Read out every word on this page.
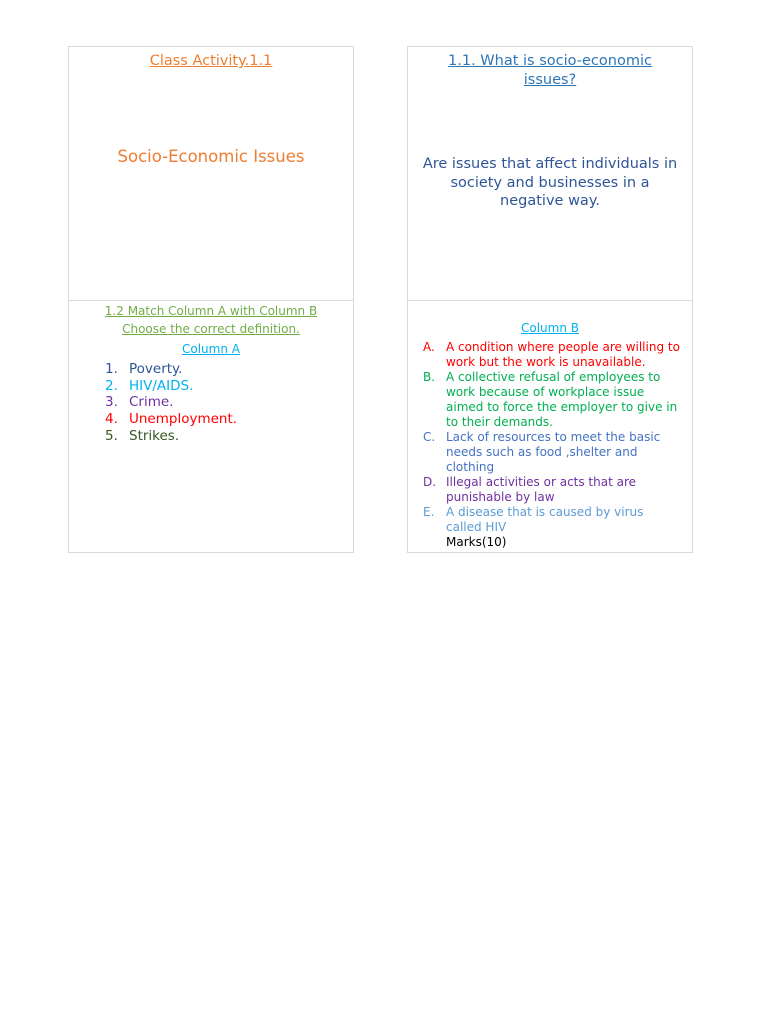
Class Activity.1.1
Socio-Economic Issues
1.1. What is socio-economic issues?
Are issues that affect individuals in society and businesses in a negative way.
1.2 Match Column A with Column B
Choose the correct definition.
Column A
1. Poverty.
2. HIV/AIDS.
3. Crime.
4. Unemployment.
5. Strikes.
Column B
A. A condition where people are willing to work but the work is unavailable.
B. A collective refusal of employees to work because of workplace issue aimed to force the employer to give in to their demands.
C. Lack of resources to meet the basic needs such as food ,shelter and clothing
D. Illegal activities or acts that are punishable by law
E. A disease that is caused by virus called HIV
Marks(10)
